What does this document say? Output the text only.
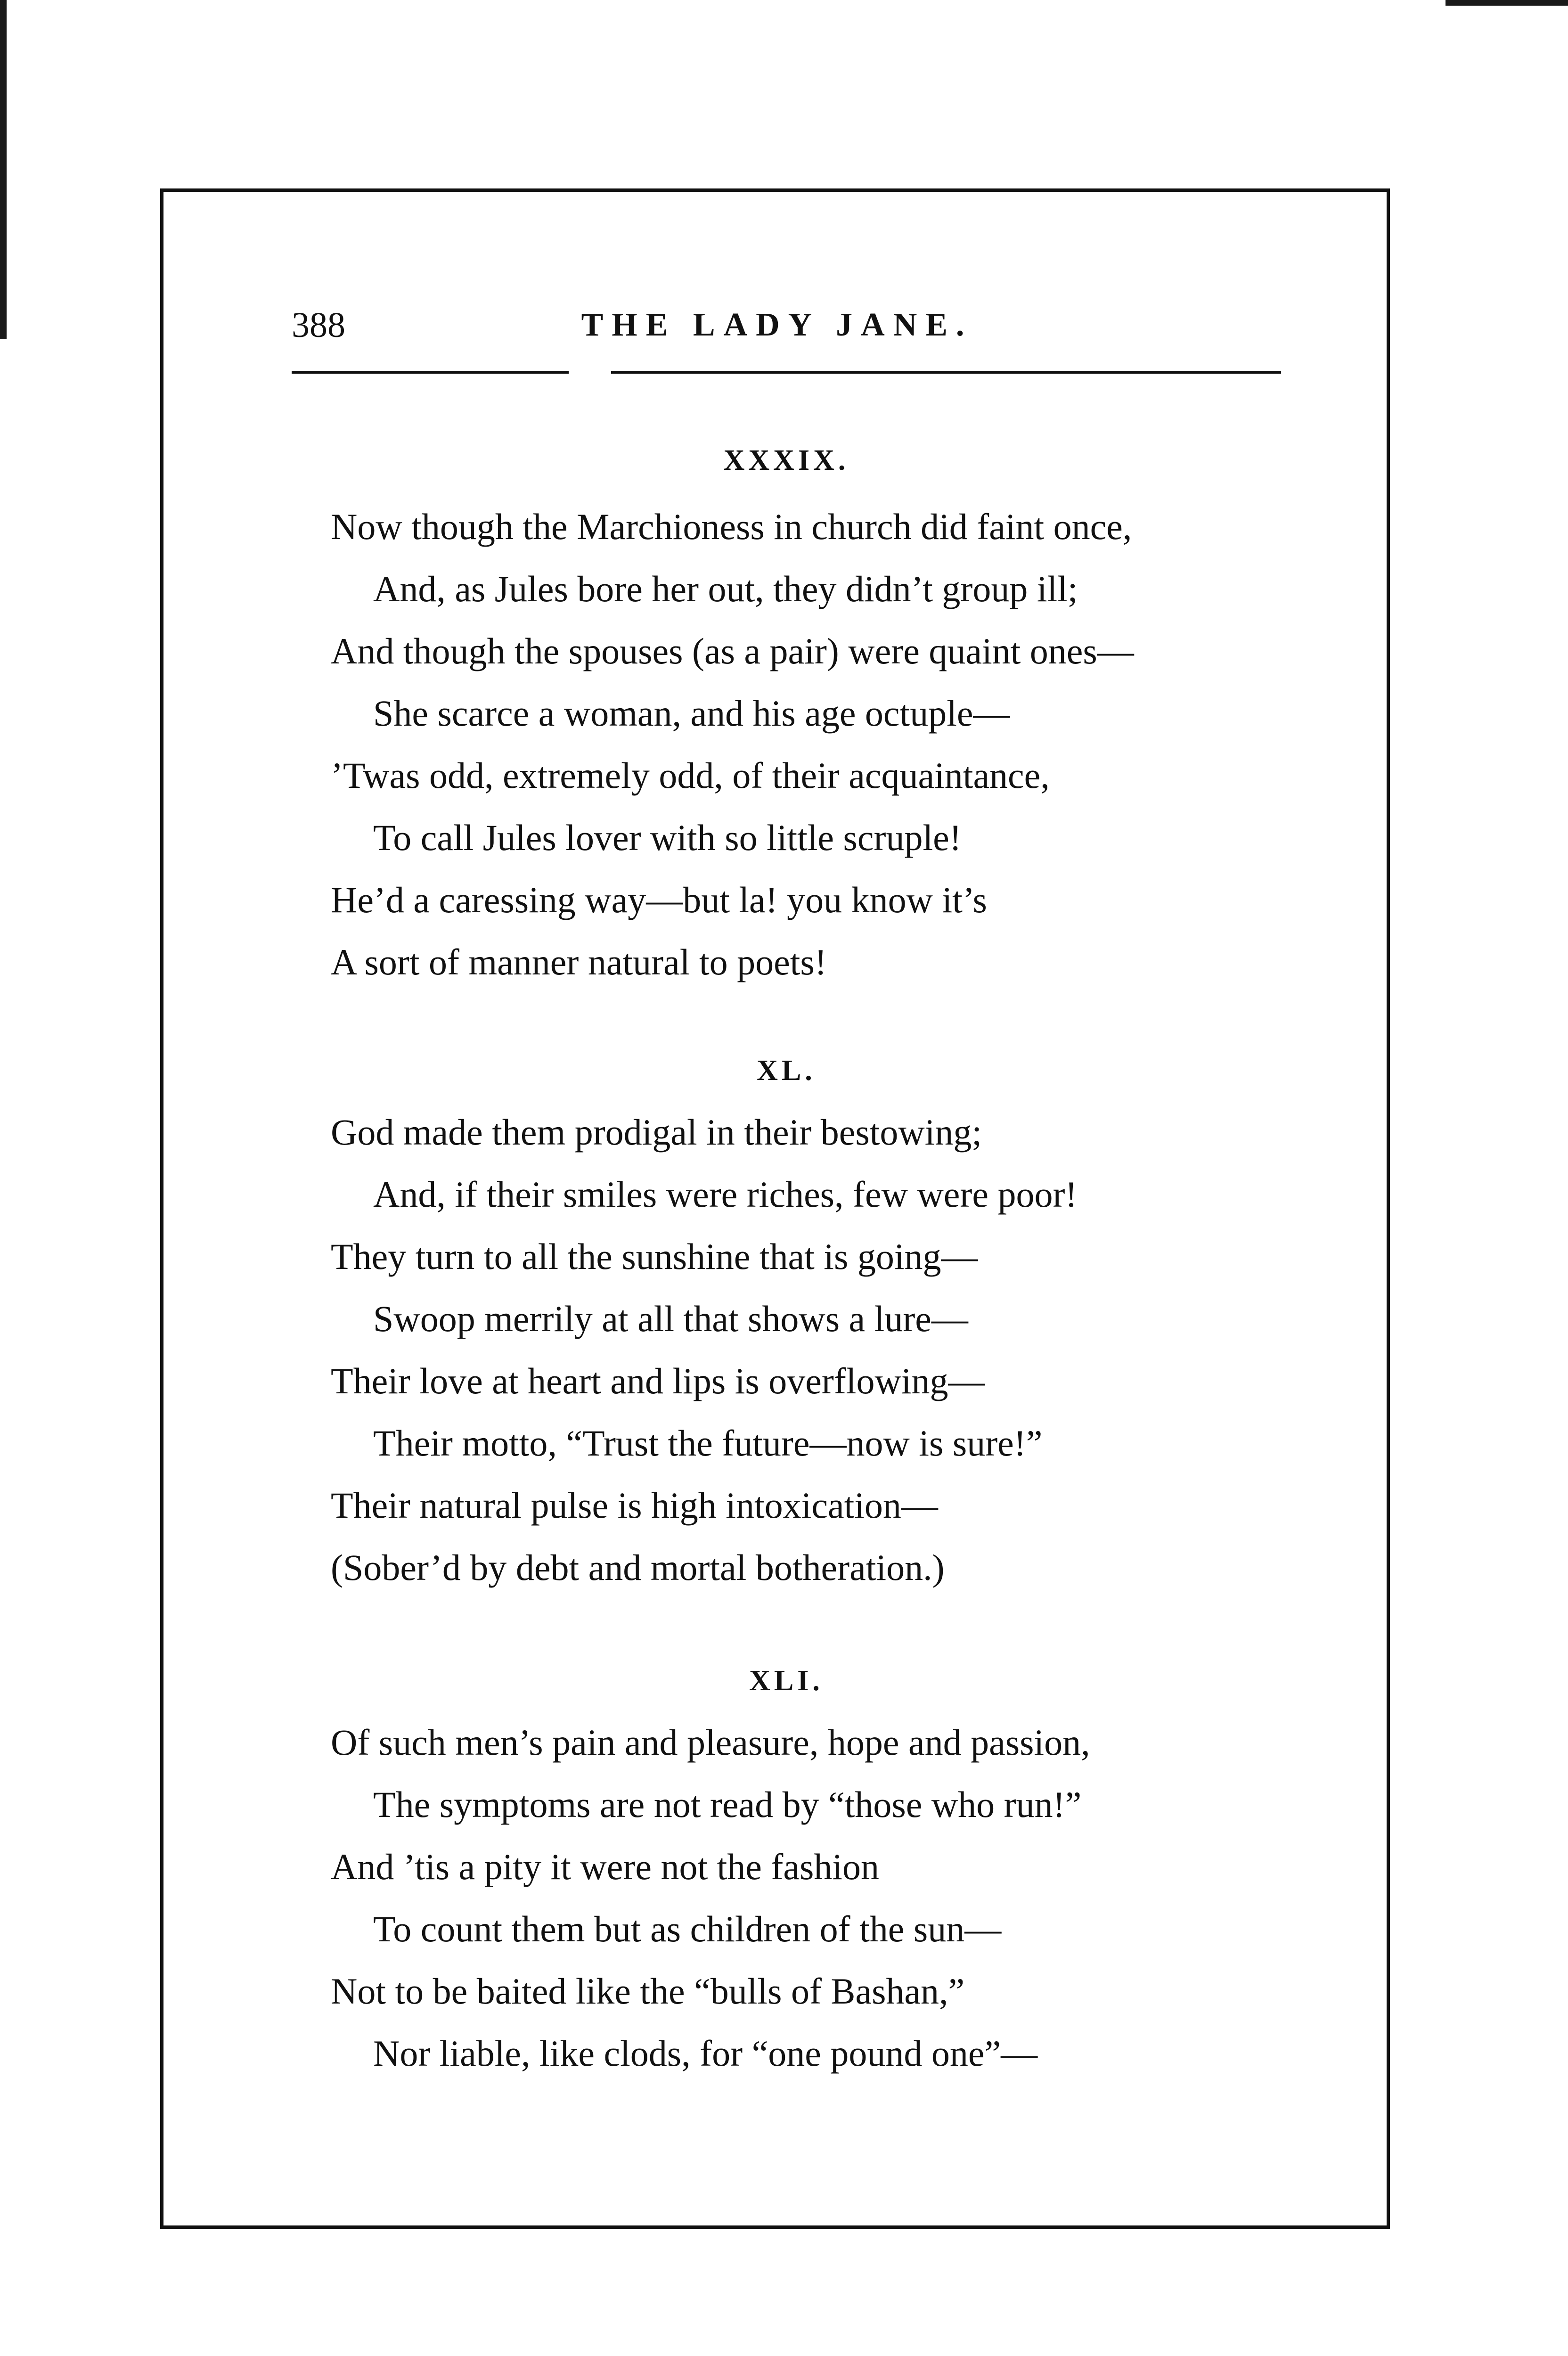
388	THE LADY JANE.
XXXIX.
Now though the Marchioness in church did faint once,
And, as Jules bore her out, they didn’t group ill;
And though the spouses (as a pair) were quaint ones—
She scarce a woman, and his age octuple—
’Twas odd, extremely odd, of their acquaintance,
To call Jules lover with so little scruple!
He’d a caressing way—but la! you know it’s
A sort of manner natural to poets!
XL.
God made them prodigal in their bestowing;
And, if their smiles were riches, few were poor!
They turn to all the sunshine that is going—
Swoop merrily at all that shows a lure—
Their love at heart and lips is overflowing—
Their motto, “Trust the future—now is sure!”
Their natural pulse is high intoxication—
(Sober’d by debt and mortal botheration.)
XLI.
Of such men’s pain and pleasure, hope and passion,
The symptoms are not read by “those who run!”
And ’tis a pity it were not the fashion
To count them but as children of the sun—
Not to be baited like the “bulls of Bashan,”
Nor liable, like clods, for “one pound one”—
